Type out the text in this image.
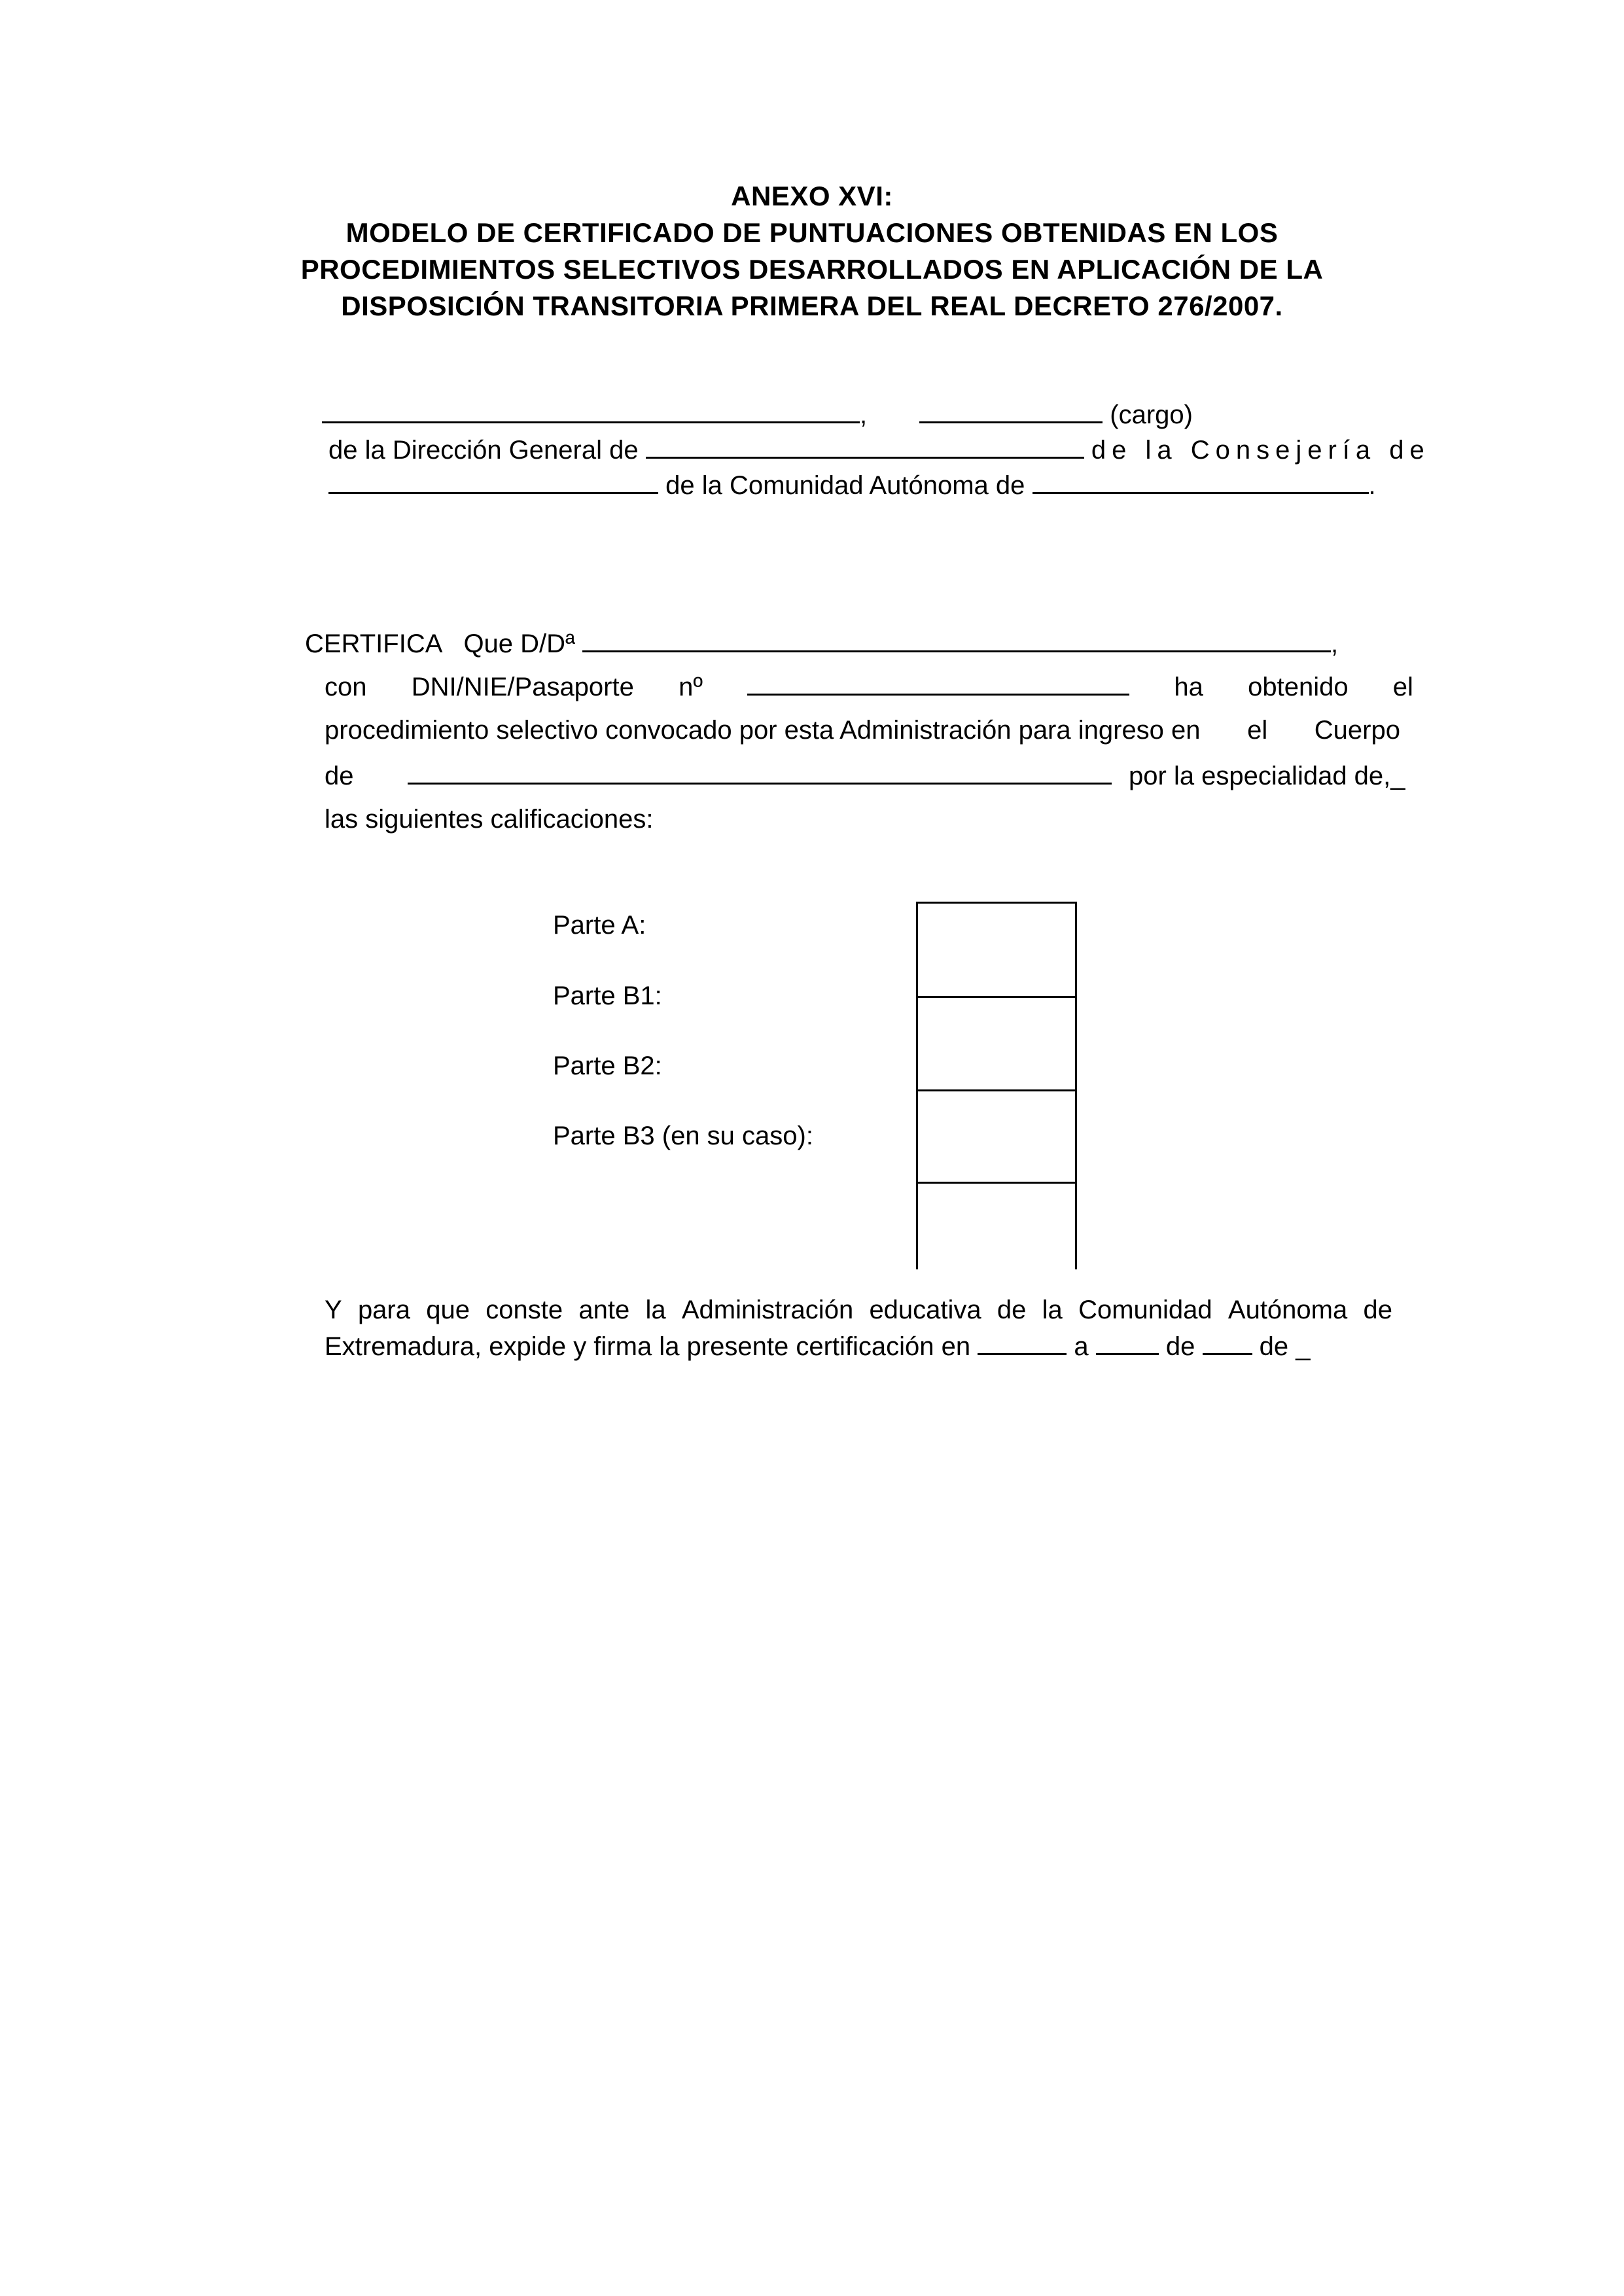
ANEXO XVI:
MODELO DE CERTIFICADO DE PUNTUACIONES OBTENIDAS EN LOS
PROCEDIMIENTOS SELECTIVOS DESARROLLADOS EN APLICACIÓN DE LA
DISPOSICIÓN TRANSITORIA PRIMERA DEL REAL DECRETO 276/2007.
,	(cargo)
de la Dirección General de	de la Consejería de
de la Comunidad Autónoma de	.
CERTIFICA Que D/Dª	,
con DNI/NIE/Pasaporte nº	ha obtenido el
procedimiento selectivo convocado por esta Administración para ingreso en el Cuerpo
de	por la especialidad de,_
las siguientes calificaciones:
Parte A:
Parte B1:
Parte B2:
Parte B3 (en su caso):
Y para que conste ante la Administración educativa de la Comunidad Autónoma de
Extremadura, expide y firma la presente certificación en	a	de de _
